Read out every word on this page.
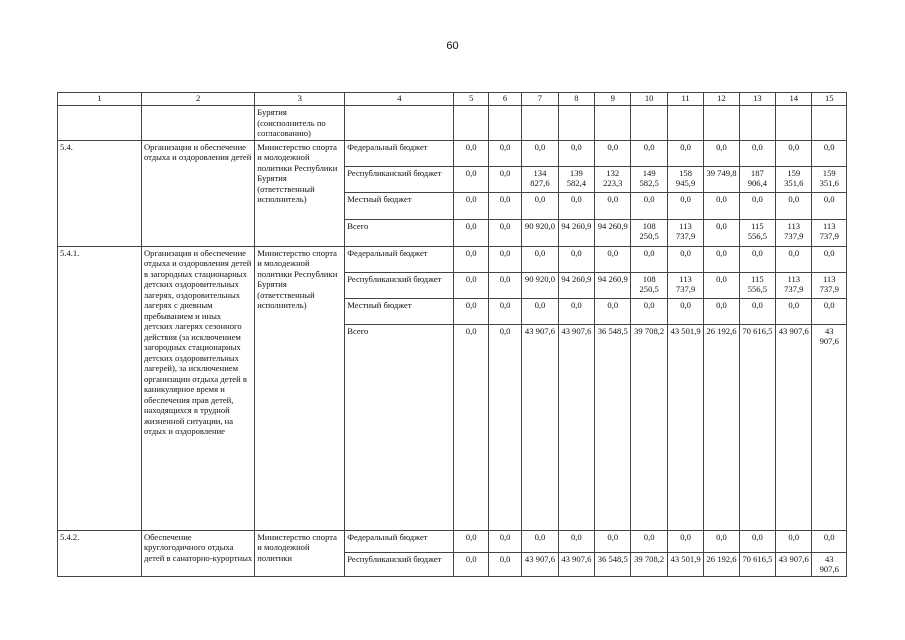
60
1	2	3	4	5	6	7	8	9	10	11	12	13	14	15
		Бурятия (соисполнитель по согласованию)												
5.4.	Организация и обеспечение отдыха и оздоровления детей	Министерство спорта и молодежной политики Республики Бурятия (ответственный исполнитель)	Федеральный бюджет	0,0	0,0	0,0	0,0	0,0	0,0	0,0	0,0	0,0	0,0	0,0
			Республиканский бюджет	0,0	0,0	134 827,6	139 582,4	132 223,3	149 582,5	158 945,9	39 749,8	187 906,4	159 351,6	159 351,6
			Местный бюджет	0,0	0,0	0,0	0,0	0,0	0,0	0,0	0,0	0,0	0,0	0,0
			Всего	0,0	0,0	90 920,0	94 260,9	94 260,9	108 250,5	113 737,9	0,0	115 556,5	113 737,9	113 737,9
5.4.1.	Организация и обеспечение отдыха и оздоровления детей в загородных стационарных детских оздоровительных лагерях, оздоровительных лагерях с дневным пребыванием и иных детских лагерях сезонного действия (за исключением загородных стационарных детских оздоровительных лагерей), за исключением организации отдыха детей в каникулярное время и обеспечения прав детей, находящихся в трудной жизненной ситуации, на отдых и оздоровление	Министерство спорта и молодежной политики Республики Бурятия (ответственный исполнитель)	Федеральный бюджет	0,0	0,0	0,0	0,0	0,0	0,0	0,0	0,0	0,0	0,0	0,0
			Республиканский бюджет	0,0	0,0	90 920,0	94 260,9	94 260,9	108 250,5	113 737,9	0,0	115 556,5	113 737,9	113 737,9
			Местный бюджет	0,0	0,0	0,0	0,0	0,0	0,0	0,0	0,0	0,0	0,0	0,0
			Всего	0,0	0,0	43 907,6	43 907,6	36 548,5	39 708,2	43 501,9	26 192,6	70 616,5	43 907,6	43 907,6
5.4.2.	Обеспечение круглогодичного отдыха детей в санаторно-курортных	Министерство спорта и молодежной политики	Федеральный бюджет	0,0	0,0	0,0	0,0	0,0	0,0	0,0	0,0	0,0	0,0	0,0
			Республиканский бюджет	0,0	0,0	43 907,6	43 907,6	36 548,5	39 708,2	43 501,9	26 192,6	70 616,5	43 907,6	43 907,6
